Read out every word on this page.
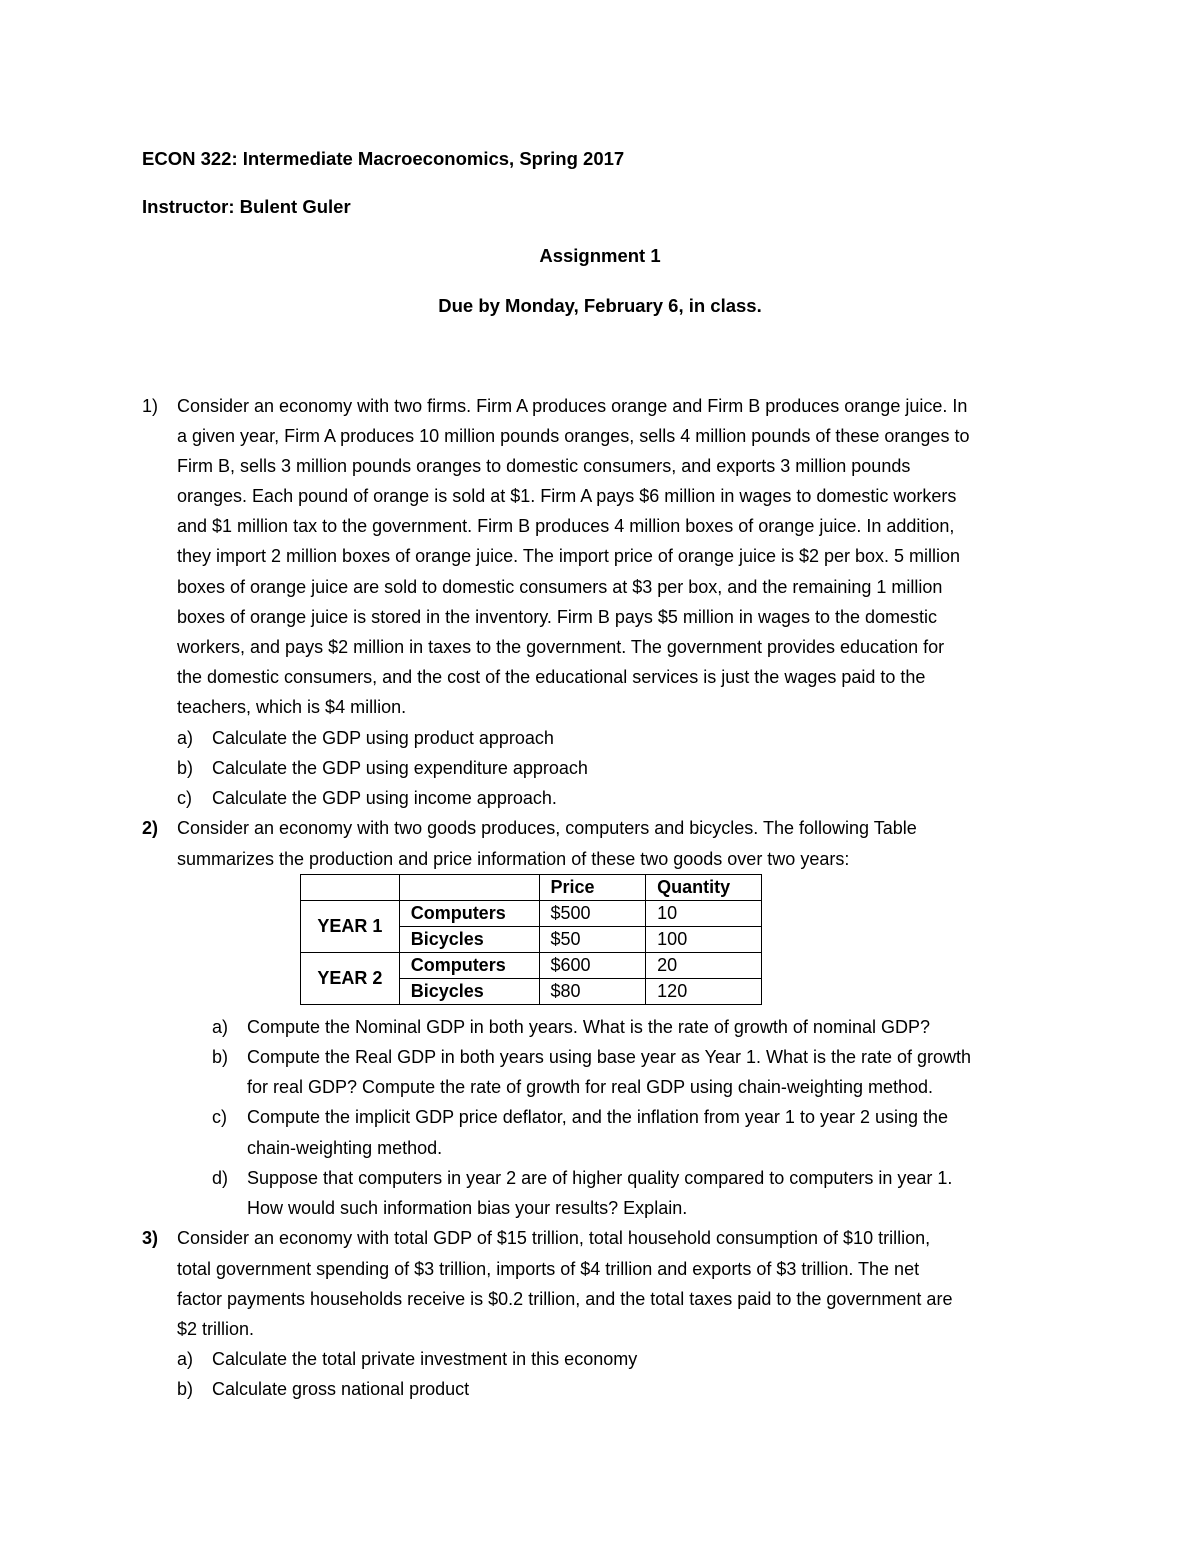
ECON 322: Intermediate Macroeconomics, Spring 2017
Instructor: Bulent Guler
Assignment 1
Due by Monday, February 6, in class.
1) Consider an economy with two firms. Firm A produces orange and Firm B produces orange juice. In
a given year, Firm A produces 10 million pounds oranges, sells 4 million pounds of these oranges to
Firm B, sells 3 million pounds oranges to domestic consumers, and exports 3 million pounds
oranges. Each pound of orange is sold at $1. Firm A pays $6 million in wages to domestic workers
and $1 million tax to the government. Firm B produces 4 million boxes of orange juice. In addition,
they import 2 million boxes of orange juice. The import price of orange juice is $2 per box. 5 million
boxes of orange juice are sold to domestic consumers at $3 per box, and the remaining 1 million
boxes of orange juice is stored in the inventory. Firm B pays $5 million in wages to the domestic
workers, and pays $2 million in taxes to the government. The government provides education for
the domestic consumers, and the cost of the educational services is just the wages paid to the
teachers, which is $4 million.
a) Calculate the GDP using product approach
b) Calculate the GDP using expenditure approach
c) Calculate the GDP using income approach.
2) Consider an economy with two goods produces, computers and bicycles. The following Table
summarizes the production and price information of these two goods over two years:
		Price	Quantity
YEAR 1	Computers	$500	10
	Bicycles	$50	100
YEAR 2	Computers	$600	20
	Bicycles	$80	120
a) Compute the Nominal GDP in both years. What is the rate of growth of nominal GDP?
b) Compute the Real GDP in both years using base year as Year 1. What is the rate of growth
for real GDP? Compute the rate of growth for real GDP using chain-weighting method.
c) Compute the implicit GDP price deflator, and the inflation from year 1 to year 2 using the
chain-weighting method.
d) Suppose that computers in year 2 are of higher quality compared to computers in year 1.
How would such information bias your results? Explain.
3) Consider an economy with total GDP of $15 trillion, total household consumption of $10 trillion,
total government spending of $3 trillion, imports of $4 trillion and exports of $3 trillion. The net
factor payments households receive is $0.2 trillion, and the total taxes paid to the government are
$2 trillion.
a) Calculate the total private investment in this economy
b) Calculate gross national product
